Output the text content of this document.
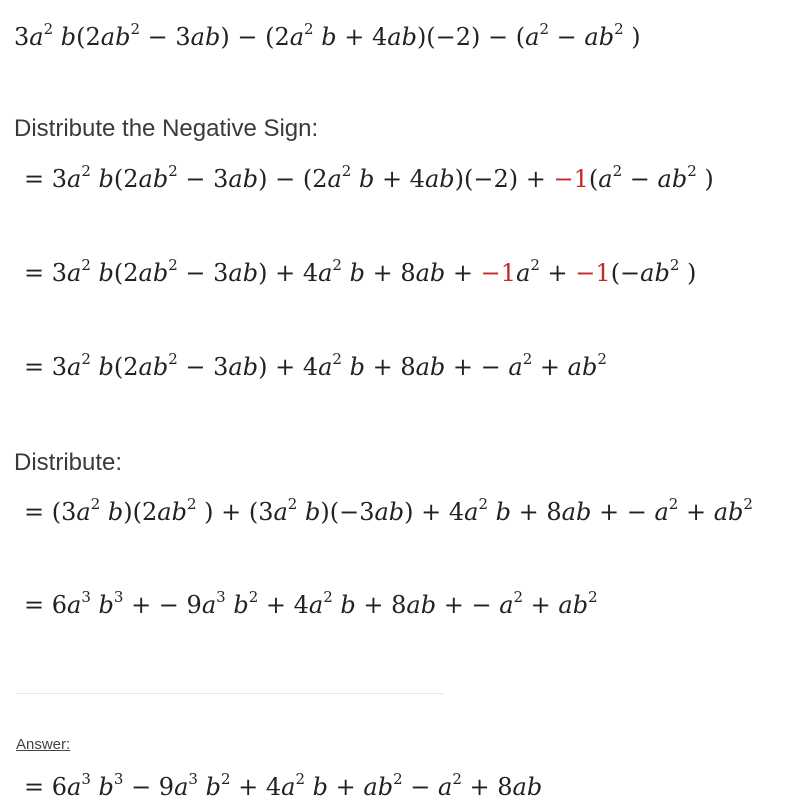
$3a^2$ $b(2ab^2 - 3ab) - (2a^2$ $b + 4ab)(-2) - (a^2 - ab^2$ )
Distribute the Negative Sign:
= $3a^2$ $b(2ab^2 - 3ab) - (2a^2$ $b + 4ab)(-2) + -1(a^2 - ab^2$ )
= $3a^2$ $b(2ab^2 - 3ab) + 4a^2$ $b + 8ab + -1a^2 + -1(-ab^2$ )
= $3a^2$ $b(2ab^2 - 3ab) + 4a^2$ b + 8ab + − $a^2 + ab^2$
Distribute:
= ($3a^2$ $b)(2ab^2$ ) + ($3a^2$ $b)(-3ab) + 4a^2$ b + 8ab + − $a^2 + ab^2$
= $6a^3$ $b^3$ + − $9a^3$ $b^2 + 4a^2$ b + 8ab + − $a^2 + ab^2$
Answer:
= $6a^3$ $b^3 - 9a^3$ $b^2 + 4a^2$ $b + ab^2 - a^2 + 8ab$
